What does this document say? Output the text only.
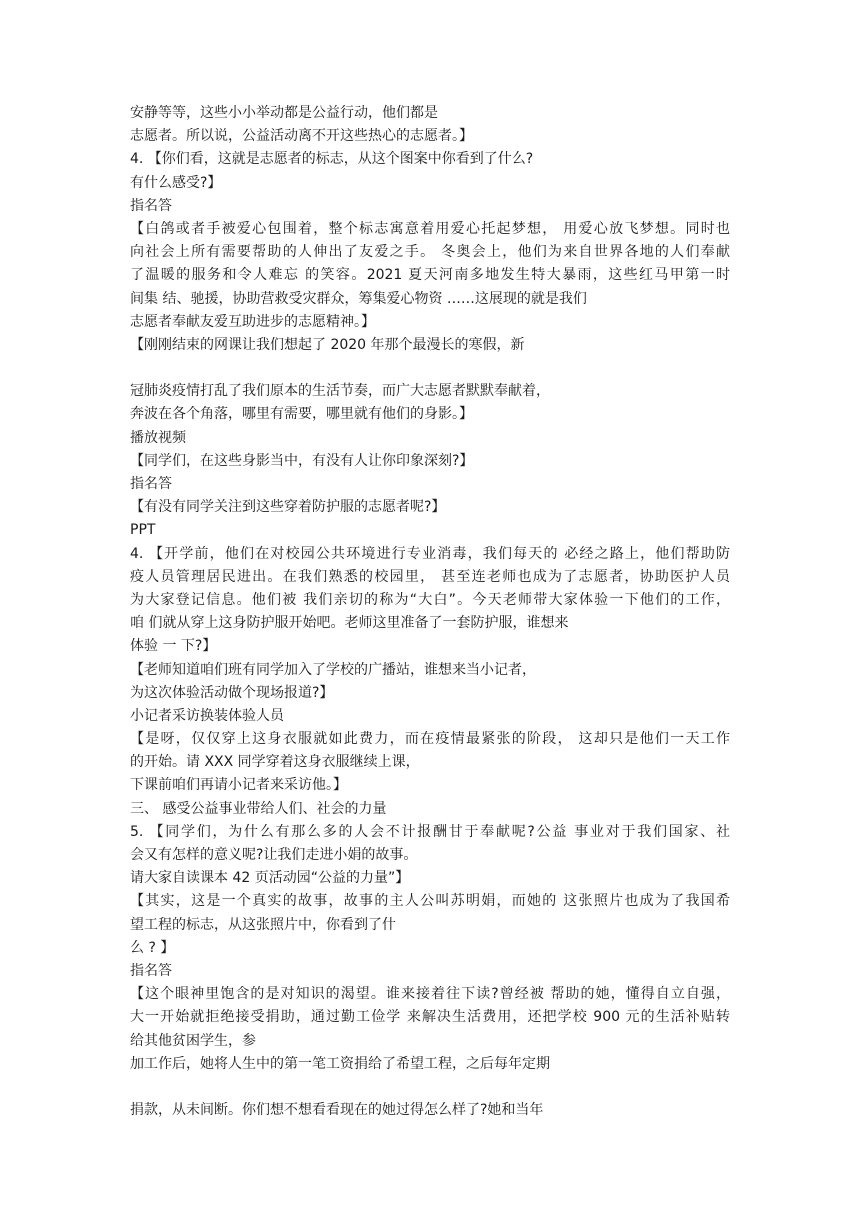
安静等等，这些小小举动都是公益行动，他们都是
志愿者。所以说，公益活动离不开这些热心的志愿者。】
4. 【你们看，这就是志愿者的标志，从这个图案中你看到了什么?
有什么感受?】
指名答
【白鸽或者手被爱心包围着，整个标志寓意着用爱心托起梦想， 用爱心放飞梦想。同时也
向社会上所有需要帮助的人伸出了友爱之手。 冬奥会上，他们为来自世界各地的人们奉献
了温暖的服务和令人难忘 的笑容。2021 夏天河南多地发生特大暴雨，这些红马甲第一时
间集 结、驰援，协助营救受灾群众，筹集爱心物资 ……这展现的就是我们
志愿者奉献友爱互助进步的志愿精神。】
【刚刚结束的网课让我们想起了 2020 年那个最漫长的寒假，新
冠肺炎疫情打乱了我们原本的生活节奏，而广大志愿者默默奉献着，
奔波在各个角落，哪里有需要，哪里就有他们的身影。】
播放视频
【同学们，在这些身影当中，有没有人让你印象深刻?】
指名答
【有没有同学关注到这些穿着防护服的志愿者呢?】
PPT
4. 【开学前，他们在对校园公共环境进行专业消毒，我们每天的 必经之路上，他们帮助防
疫人员管理居民进出。在我们熟悉的校园里， 甚至连老师也成为了志愿者，协助医护人员
为大家登记信息。他们被 我们亲切的称为“大白”。今天老师带大家体验一下他们的工作，
咱 们就从穿上这身防护服开始吧。老师这里准备了一套防护服，谁想来
体验 一 下?】
【老师知道咱们班有同学加入了学校的广播站，谁想来当小记者，
为这次体验活动做个现场报道?】
小记者采访换装体验人员
【是呀，仅仅穿上这身衣服就如此费力，而在疫情最紧张的阶段， 这却只是他们一天工作
的开始。请 XXX 同学穿着这身衣服继续上课，
下课前咱们再请小记者来采访他。】
三、 感受公益事业带给人们、社会的力量
5. 【同学们，为什么有那么多的人会不计报酬甘于奉献呢?公益 事业对于我们国家、社
会又有怎样的意义呢?让我们走进小娟的故事。
请大家自读课本 42 页活动园“公益的力量”】
【其实，这是一个真实的故事，故事的主人公叫苏明娟，而她的 这张照片也成为了我国希
望工程的标志，从这张照片中，你看到了什
么 ? 】
指名答
【这个眼神里饱含的是对知识的渴望。谁来接着往下读?曾经被 帮助的她，懂得自立自强，
大一开始就拒绝接受捐助，通过勤工俭学 来解决生活费用，还把学校 900 元的生活补贴转
给其他贫困学生，参
加工作后，她将人生中的第一笔工资捐给了希望工程，之后每年定期
捐款，从未间断。你们想不想看看现在的她过得怎么样了?她和当年
